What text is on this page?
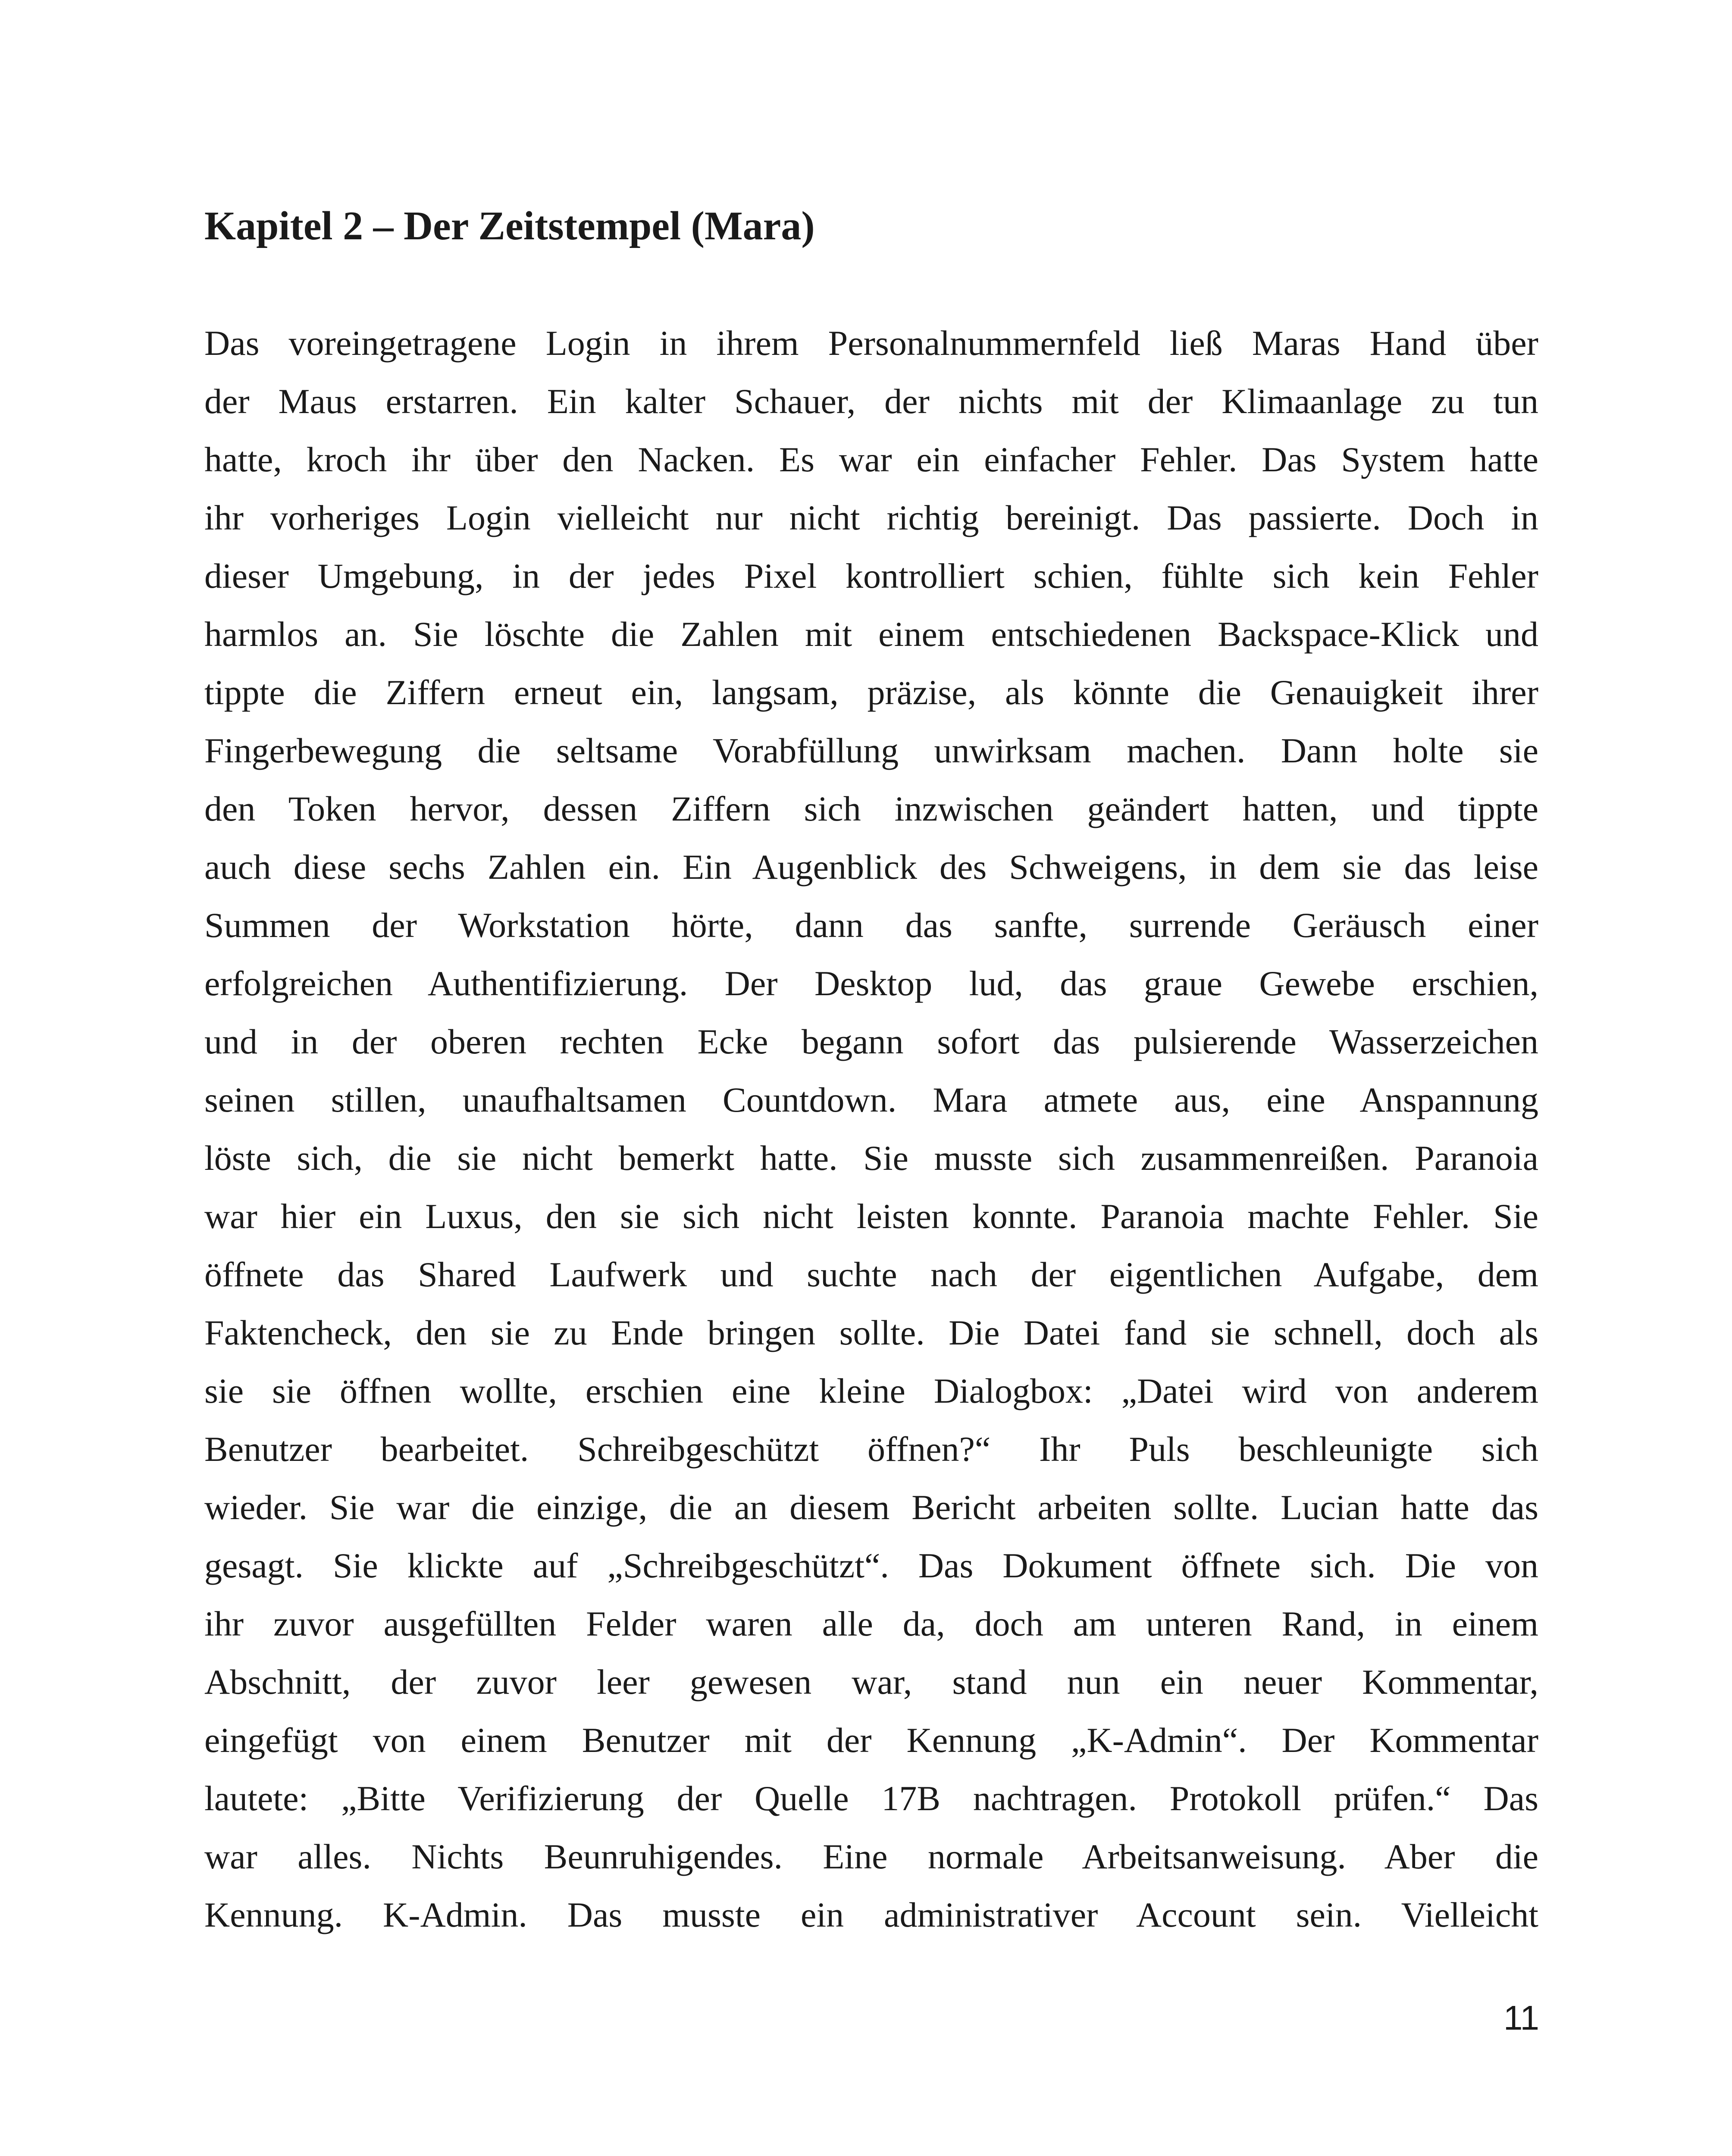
Kapitel 2 – Der Zeitstempel (Mara)
Das voreingetragene Login in ihrem Personalnummernfeld ließ Maras Hand über
der Maus erstarren. Ein kalter Schauer, der nichts mit der Klimaanlage zu tun
hatte, kroch ihr über den Nacken. Es war ein einfacher Fehler. Das System hatte
ihr vorheriges Login vielleicht nur nicht richtig bereinigt. Das passierte. Doch in
dieser Umgebung, in der jedes Pixel kontrolliert schien, fühlte sich kein Fehler
harmlos an. Sie löschte die Zahlen mit einem entschiedenen Backspace-Klick und
tippte die Ziffern erneut ein, langsam, präzise, als könnte die Genauigkeit ihrer
Fingerbewegung die seltsame Vorabfüllung unwirksam machen. Dann holte sie
den Token hervor, dessen Ziffern sich inzwischen geändert hatten, und tippte
auch diese sechs Zahlen ein. Ein Augenblick des Schweigens, in dem sie das leise
Summen der Workstation hörte, dann das sanfte, surrende Geräusch einer
erfolgreichen Authentifizierung. Der Desktop lud, das graue Gewebe erschien,
und in der oberen rechten Ecke begann sofort das pulsierende Wasserzeichen
seinen stillen, unaufhaltsamen Countdown. Mara atmete aus, eine Anspannung
löste sich, die sie nicht bemerkt hatte. Sie musste sich zusammenreißen. Paranoia
war hier ein Luxus, den sie sich nicht leisten konnte. Paranoia machte Fehler. Sie
öffnete das Shared Laufwerk und suchte nach der eigentlichen Aufgabe, dem
Faktencheck, den sie zu Ende bringen sollte. Die Datei fand sie schnell, doch als
sie sie öffnen wollte, erschien eine kleine Dialogbox: „Datei wird von anderem
Benutzer bearbeitet. Schreibgeschützt öffnen?“ Ihr Puls beschleunigte sich
wieder. Sie war die einzige, die an diesem Bericht arbeiten sollte. Lucian hatte das
gesagt. Sie klickte auf „Schreibgeschützt“. Das Dokument öffnete sich. Die von
ihr zuvor ausgefüllten Felder waren alle da, doch am unteren Rand, in einem
Abschnitt, der zuvor leer gewesen war, stand nun ein neuer Kommentar,
eingefügt von einem Benutzer mit der Kennung „K-Admin“. Der Kommentar
lautete: „Bitte Verifizierung der Quelle 17B nachtragen. Protokoll prüfen.“ Das
war alles. Nichts Beunruhigendes. Eine normale Arbeitsanweisung. Aber die
Kennung. K-Admin. Das musste ein administrativer Account sein. Vielleicht

11
